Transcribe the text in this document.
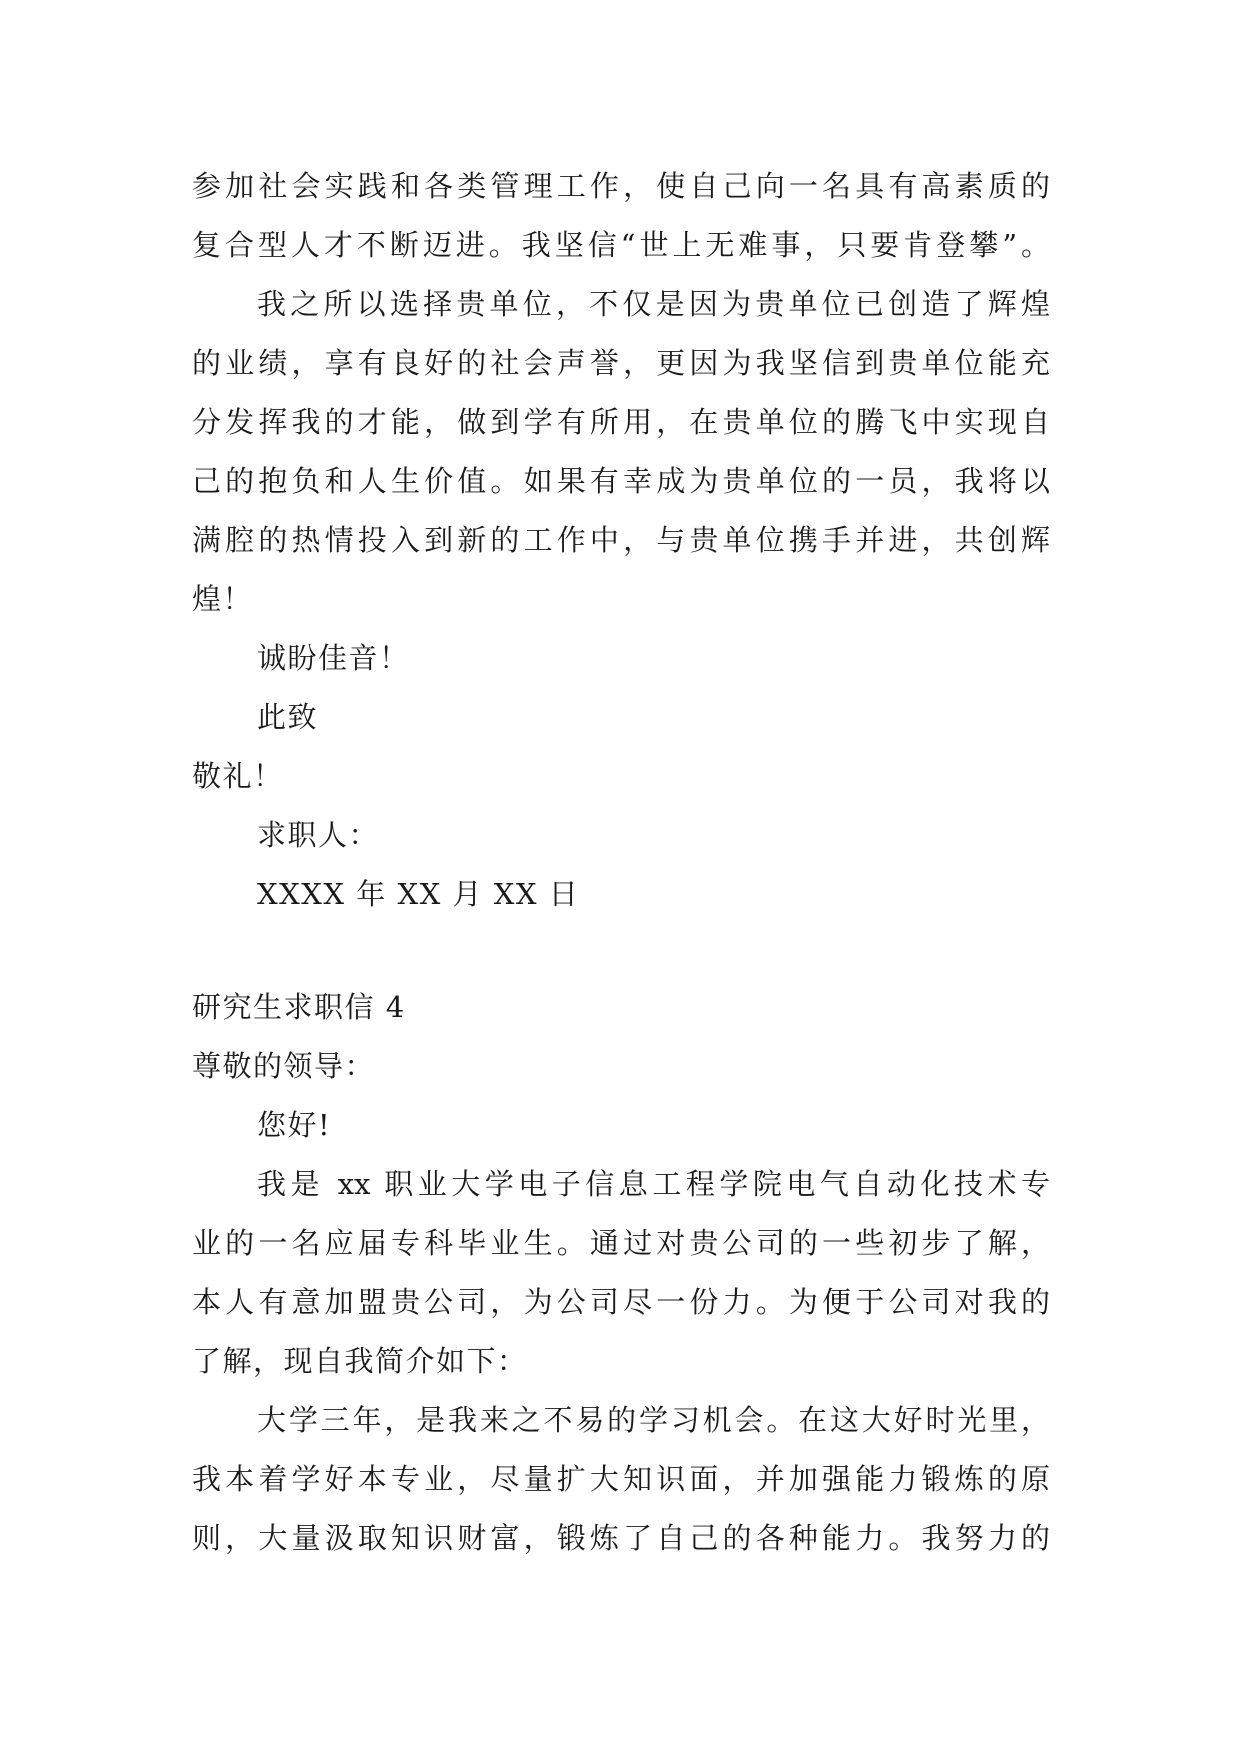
参加社会实践和各类管理工作，使自己向一名具有高素质的
复合型人才不断迈进。我坚信“世上无难事，只要肯登攀”。
我之所以选择贵单位，不仅是因为贵单位已创造了辉煌
的业绩，享有良好的社会声誉，更因为我坚信到贵单位能充
分发挥我的才能，做到学有所用，在贵单位的腾飞中实现自
己的抱负和人生价值。如果有幸成为贵单位的一员，我将以
满腔的热情投入到新的工作中，与贵单位携手并进，共创辉
煌！
诚盼佳音！
此致
敬礼！
求职人：
XXXX 年 XX 月 XX 日
研究生求职信 4
尊敬的领导：
您好!
我是 xx 职业大学电子信息工程学院电气自动化技术专
业的一名应届专科毕业生。通过对贵公司的一些初步了解，
本人有意加盟贵公司，为公司尽一份力。为便于公司对我的
了解，现自我简介如下：
大学三年，是我来之不易的学习机会。在这大好时光里，
我本着学好本专业，尽量扩大知识面，并加强能力锻炼的原
则，大量汲取知识财富，锻炼了自己的各种能力。我努力的
